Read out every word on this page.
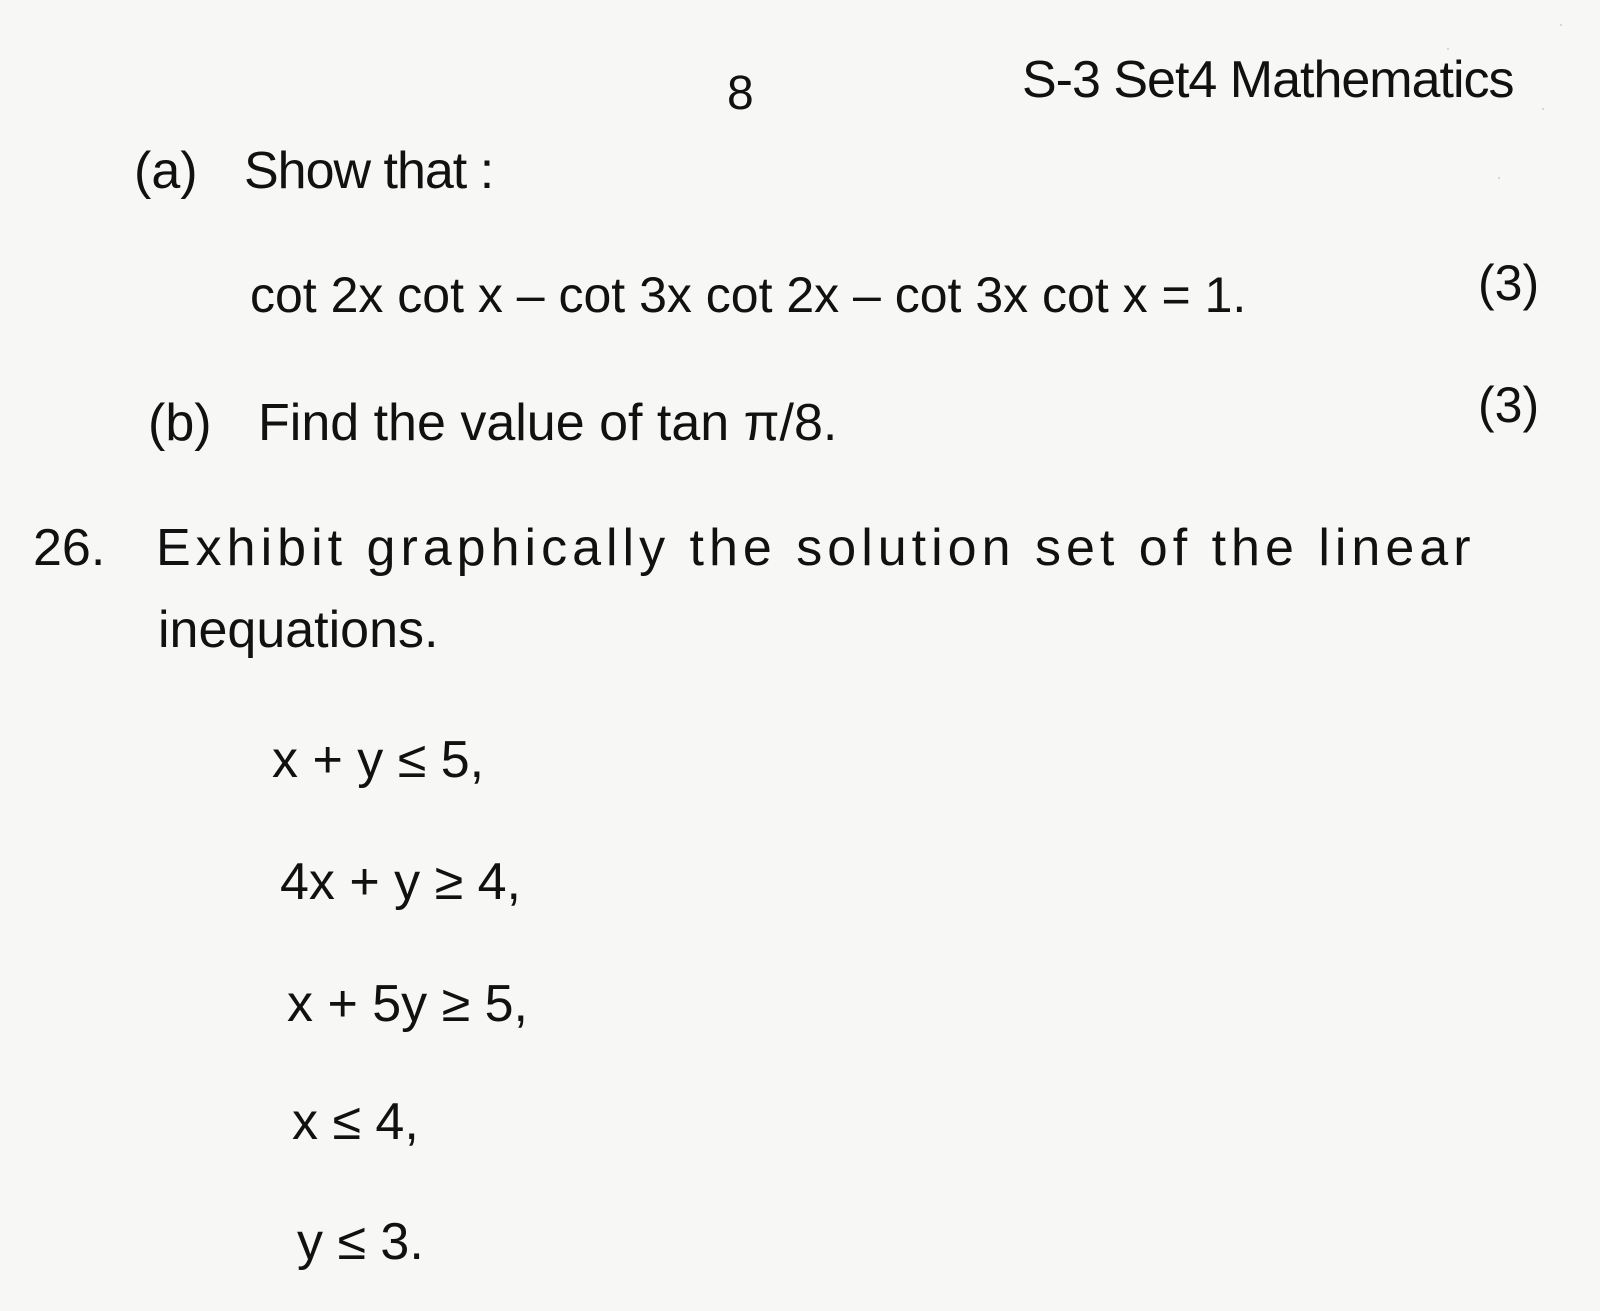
8	S-3 Set4 Mathematics
(a) Show that :
cot 2x cot x – cot 3x cot 2x – cot 3x cot x = 1.	(3)
(3)
(b) Find the value of tan π/8.
26. Exhibit graphically the solution set of the linear
inequations.
x + y ≤ 5,
4x + y ≥ 4,
x + 5y ≥ 5,
x ≤ 4,
y ≤ 3.
